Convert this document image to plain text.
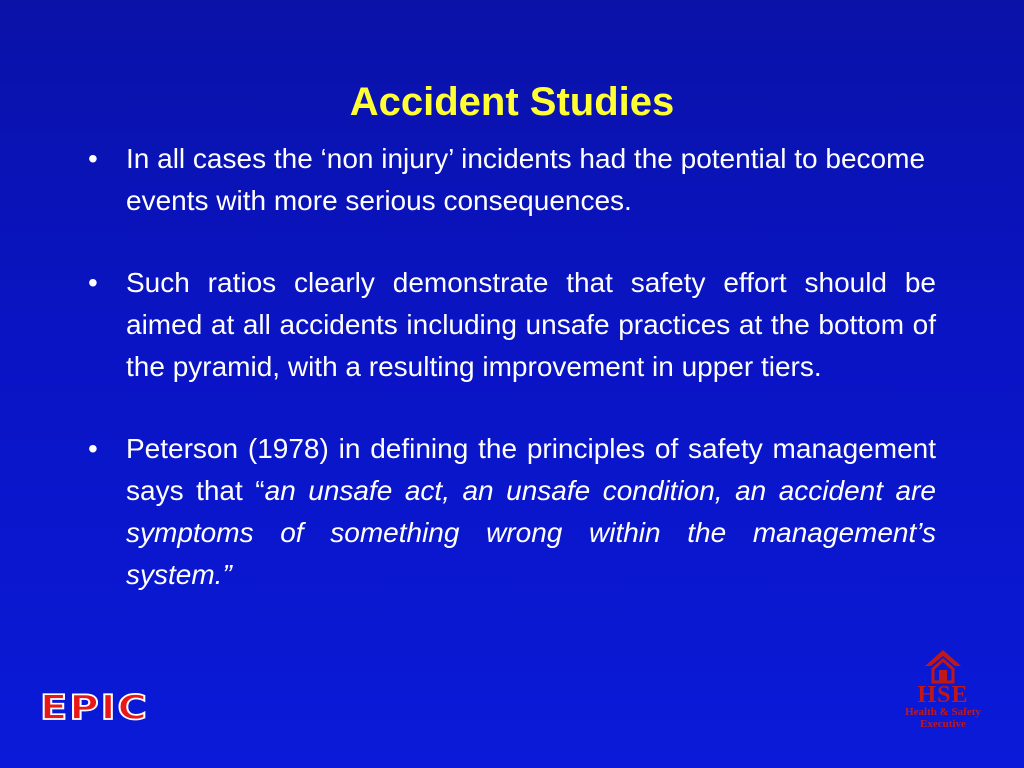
Accident Studies
•	In all cases the ‘non injury’ incidents had the potential to become events with more serious consequences.
•	Such ratios clearly demonstrate that safety effort should be aimed at all accidents including unsafe practices at the bottom of the pyramid, with a resulting improvement in upper tiers.
•	Peterson (1978) in defining the principles of safety management says that “an unsafe act, an unsafe condition, an accident are symptoms of something wrong within the management’s system.”
EPIC	HSE
Health & Safety
Executive
